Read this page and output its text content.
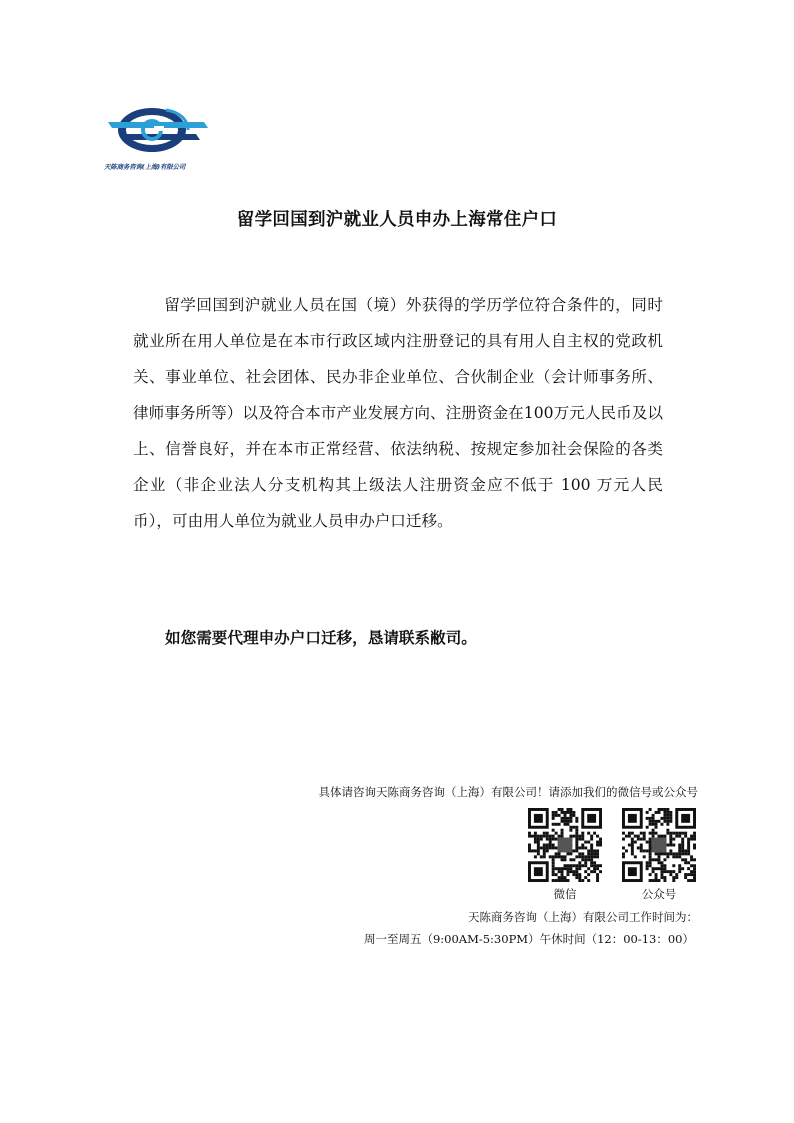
天陈商务咨询(上海)有限公司
留学回国到沪就业人员申办上海常住户口

留学回国到沪就业人员在国（境）外获得的学历学位符合条件的，同时就业所在用人单位是在本市行政区域内注册登记的具有用人自主权的党政机关、事业单位、社会团体、民办非企业单位、合伙制企业（会计师事务所、律师事务所等）以及符合本市产业发展方向、注册资金在100万元人民币及以上、信誉良好，并在本市正常经营、依法纳税、按规定参加社会保险的各类企业（非企业法人分支机构其上级法人注册资金应不低于 100 万元人民币），可由用人单位为就业人员申办户口迁移。

如您需要代理申办户口迁移，恳请联系敝司。
具体请咨询天陈商务咨询（上海）有限公司！请添加我们的微信号或公众号
微信	公众号
天陈商务咨询（上海）有限公司工作时间为：
周一至周五（9:00AM-5:30PM）午休时间（12：00-13：00）
